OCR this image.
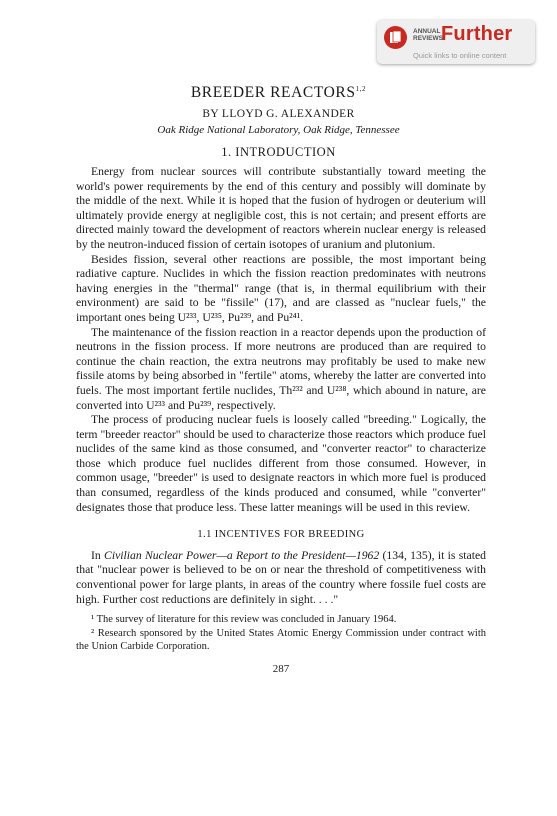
ANNUAL
REVIEWS
Further
Quick links to online content
BREEDER REACTORS$^{1,2}$
BY LLOYD G. ALEXANDER
Oak Ridge National Laboratory, Oak Ridge, Tennessee
1. INTRODUCTION

Energy from nuclear sources will contribute substantially toward meeting the world's power requirements by the end of this century and possibly will dominate by the middle of the next. While it is hoped that the fusion of hydrogen or deuterium will ultimately provide energy at negligible cost, this is not certain; and present efforts are directed mainly toward the development of reactors wherein nuclear energy is released by the neutron-induced fission of certain isotopes of uranium and plutonium.

Besides fission, several other reactions are possible, the most important being radiative capture. Nuclides in which the fission reaction predominates with neutrons having energies in the "thermal" range (that is, in thermal equilibrium with their environment) are said to be "fissile" (17), and are classed as "nuclear fuels," the important ones being U²³³, U²³⁵, Pu²³⁹, and Pu²⁴¹.

The maintenance of the fission reaction in a reactor depends upon the production of neutrons in the fission process. If more neutrons are produced than are required to continue the chain reaction, the extra neutrons may profitably be used to make new fissile atoms by being absorbed in "fertile" atoms, whereby the latter are converted into fuels. The most important fertile nuclides, Th²³² and U²³⁸, which abound in nature, are converted into U²³³ and Pu²³⁹, respectively.

The process of producing nuclear fuels is loosely called "breeding." Logically, the term "breeder reactor" should be used to characterize those reactors which produce fuel nuclides of the same kind as those consumed, and "converter reactor" to characterize those which produce fuel nuclides different from those consumed. However, in common usage, "breeder" is used to designate reactors in which more fuel is produced than consumed, regardless of the kinds produced and consumed, while "converter" designates those that produce less. These latter meanings will be used in this review.

1.1 INCENTIVES FOR BREEDING

In Civilian Nuclear Power—a Report to the President—1962 (134, 135), it is stated that "nuclear power is believed to be on or near the threshold of competitiveness with conventional power for large plants, in areas of the country where fossile fuel costs are high. Further cost reductions are definitely in sight. . . ."

¹ The survey of literature for this review was concluded in January 1964.

² Research sponsored by the United States Atomic Energy Commission under contract with the Union Carbide Corporation.

287
